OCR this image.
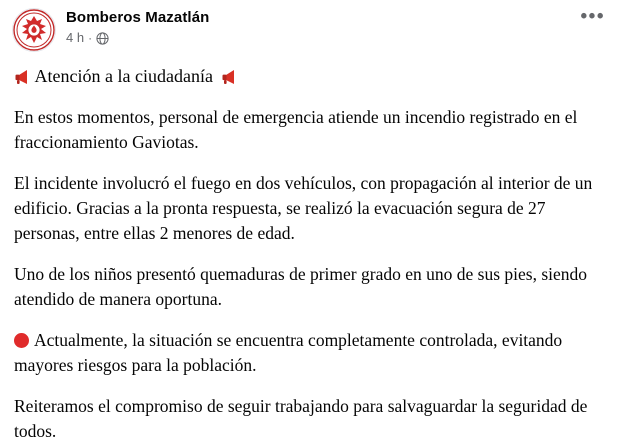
Bomberos Mazatlán
4 h ·
•••

Atención a la ciudadanía

En estos momentos, personal de emergencia atiende un incendio registrado en el fraccionamiento Gaviotas.

El incidente involucró el fuego en dos vehículos, con propagación al interior de un edificio. Gracias a la pronta respuesta, se realizó la evacuación segura de 27 personas, entre ellas 2 menores de edad.

Uno de los niños presentó quemaduras de primer grado en uno de sus pies, siendo atendido de manera oportuna.

Actualmente, la situación se encuentra completamente controlada, evitando mayores riesgos para la población.

Reiteramos el compromiso de seguir trabajando para salvaguardar la seguridad de todos.
